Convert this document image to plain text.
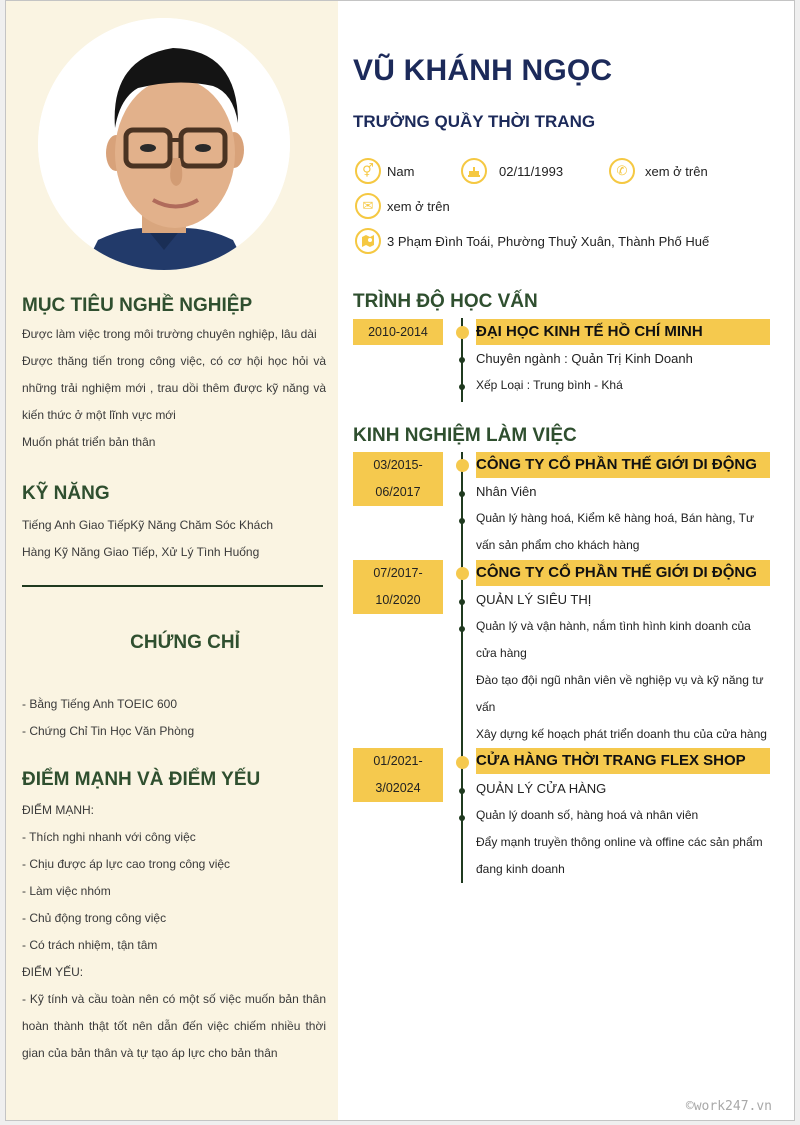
MỤC TIÊU NGHỀ NGHIỆP
Được làm việc trong môi trường chuyên nghiệp, lâu dài
Được thăng tiến trong công việc, có cơ hội học hỏi và những trải nghiệm mới , trau dồi thêm được kỹ năng và kiến thức ở một lĩnh vực mới
Muốn phát triển bản thân
KỸ NĂNG
Tiếng Anh Giao TiếpKỹ Năng Chăm Sóc Khách Hàng Kỹ Năng Giao Tiếp, Xử Lý Tình Huống
CHỨNG CHỈ
- Bằng Tiếng Anh TOEIC 600
- Chứng Chỉ Tin Học Văn Phòng
ĐIỂM MẠNH VÀ ĐIỂM YẾU
ĐIỂM MẠNH:
- Thích nghi nhanh với công việc
- Chịu được áp lực cao trong công việc
- Làm việc nhóm
- Chủ động trong công việc
- Có trách nhiệm, tận tâm
ĐIỂM YẾU:
- Kỹ tính và cầu toàn nên có một số việc muốn bản thân hoàn thành thật tốt nên dẫn đến việc chiếm nhiều thời gian của bản thân và tự tạo áp lực cho bản thân
VŨ KHÁNH NGỌC
TRƯỞNG QUẦY THỜI TRANG
⚥	Nam	02/11/1993	✆	xem ở trên
✉	xem ở trên
3 Phạm Đình Toái, Phường Thuỷ Xuân, Thành Phố Huế
TRÌNH ĐỘ HỌC VẤN
2010-2014	ĐẠI HỌC KINH TẾ HỒ CHÍ MINH
Chuyên ngành : Quản Trị Kinh Doanh
Xếp Loại : Trung bình - Khá
KINH NGHIỆM LÀM VIỆC
03/2015-
06/2017
CÔNG TY CỔ PHẦN THẾ GIỚI DI ĐỘNG
Nhân Viên
Quản lý hàng hoá, Kiểm kê hàng hoá, Bán hàng, Tư vấn sản phẩm cho khách hàng
07/2017-
10/2020
CÔNG TY CỔ PHẦN THẾ GIỚI DI ĐỘNG
QUẢN LÝ SIÊU THỊ
Quản lý và vận hành, nắm tình hình kinh doanh của cửa hàng
Đào tạo đội ngũ nhân viên về nghiệp vụ và kỹ năng tư vấn
Xây dựng kế hoạch phát triển doanh thu của cửa hàng
01/2021-
3/02024
CỬA HÀNG THỜI TRANG FLEX SHOP
QUẢN LÝ CỬA HÀNG
Quản lý doanh số, hàng hoá và nhân viên
Đẩy mạnh truyền thông online và offine các sản phẩm đang kinh doanh
©work247.vn
